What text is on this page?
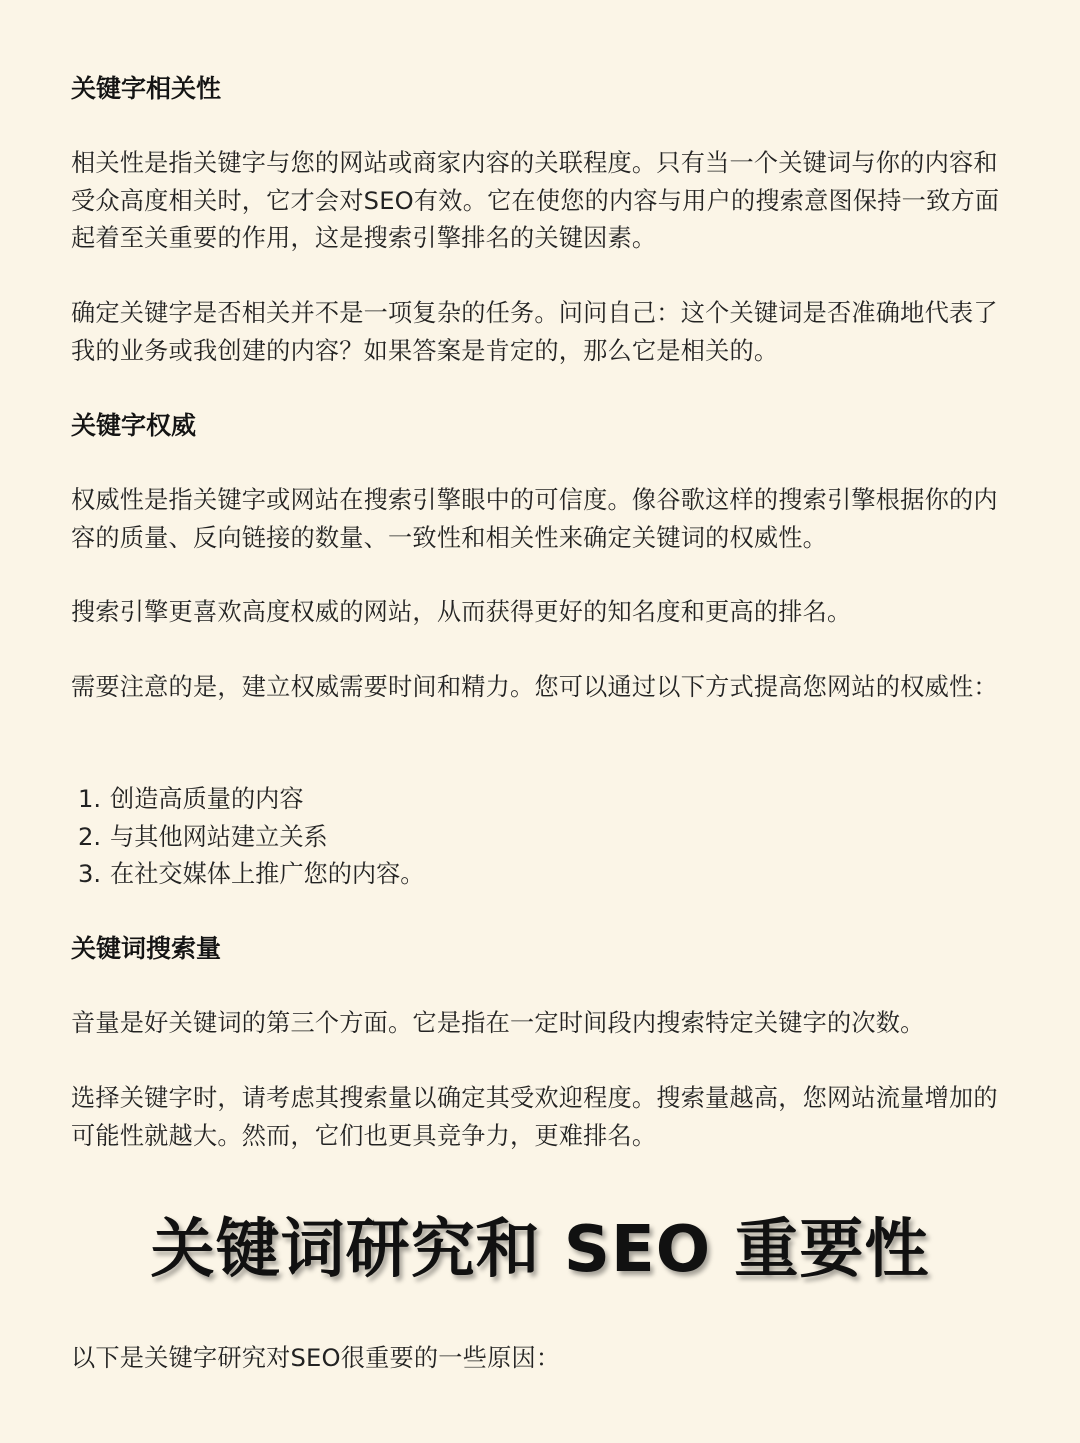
关键字相关性

相关性是指关键字与您的网站或商家内容的关联程度。只有当一个关键词与你的内容和受众高度相关时，它才会对SEO有效。它在使您的内容与用户的搜索意图保持一致方面起着至关重要的作用，这是搜索引擎排名的关键因素。

确定关键字是否相关并不是一项复杂的任务。问问自己：这个关键词是否准确地代表了我的业务或我创建的内容？如果答案是肯定的，那么它是相关的。

关键字权威

权威性是指关键字或网站在搜索引擎眼中的可信度。像谷歌这样的搜索引擎根据你的内容的质量、反向链接的数量、一致性和相关性来确定关键词的权威性。

搜索引擎更喜欢高度权威的网站，从而获得更好的知名度和更高的排名。

需要注意的是，建立权威需要时间和精力。您可以通过以下方式提高您网站的权威性：

1. 创造高质量的内容
2. 与其他网站建立关系
3. 在社交媒体上推广您的内容。
关键词搜索量

音量是好关键词的第三个方面。它是指在一定时间段内搜索特定关键字的次数。

选择关键字时，请考虑其搜索量以确定其受欢迎程度。搜索量越高，您网站流量增加的可能性就越大。然而，它们也更具竞争力，更难排名。

关键词研究和 SEO 重要性

以下是关键字研究对SEO很重要的一些原因：
